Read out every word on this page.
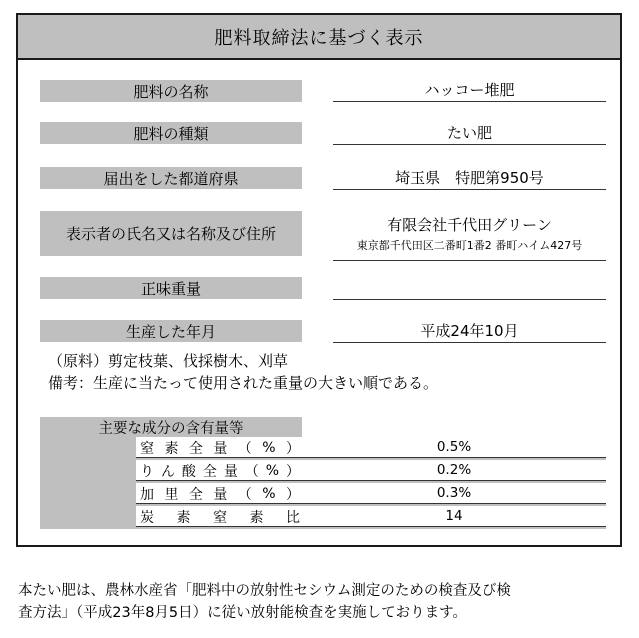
肥料取締法に基づく表示
肥料の名称	ハッコー堆肥
肥料の種類	たい肥
届出をした都道府県	埼玉県　特肥第950号
表示者の氏名又は名称及び住所	有限会社千代田グリーン
東京都千代田区二番町1番2 番町ハイム427号
正味重量
生産した年月	平成24年10月
（原料）剪定枝葉、伐採樹木、刈草
備考：生産に当たって使用された重量の大きい順である。
主要な成分の含有量等
窒 素 全 量 （ % ）	0.5%
り ん 酸 全 量 （ % ）	0.2%
加 里 全 量 （ % ）	0.3%
炭 素 窒 素 比	14
本たい肥は、農林水産省「肥料中の放射性セシウム測定のための検査及び検
査方法」（平成23年8月5日）に従い放射能検査を実施しております。
